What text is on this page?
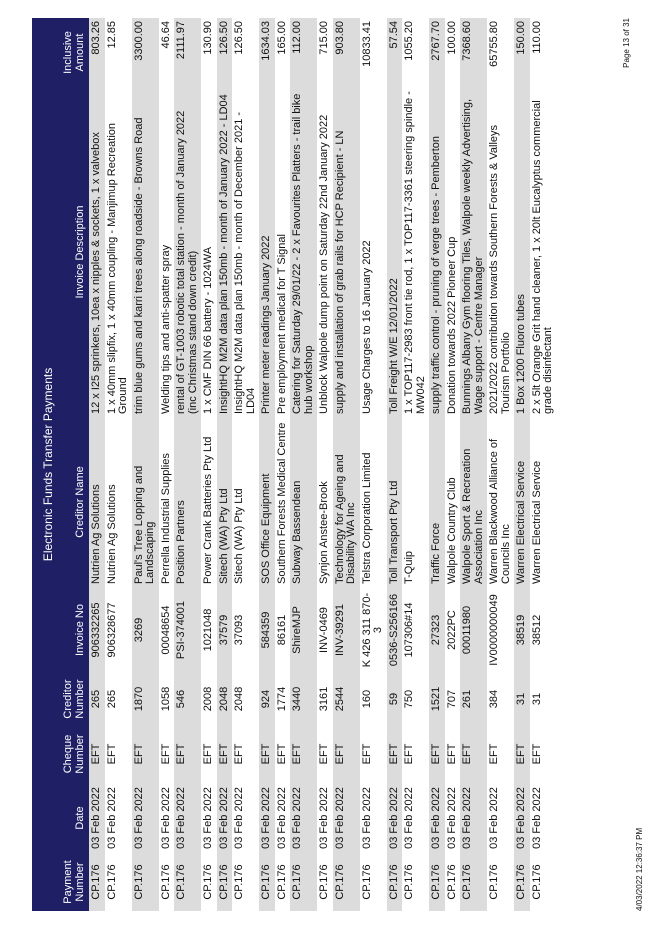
Electronic Funds Transfer Payments							
Payment Number	Date	Cheque Number	Creditor Number	Invoice No	Creditor Name	Invoice Description	Inclusive Amount
CP.176	03 Feb 2022	EFT	265	906332265	Nutrien Ag Solutions	12 x I25 sprinkers, 10ea x nipples & sockets, 1 x valvebox	803.26
CP.176	03 Feb 2022	EFT	265	906328677	Nutrien Ag Solutions	1 x 40mm slipfix, 1 x 40mm coupling - Manjimup Recreation Ground	12.85
CP.176	03 Feb 2022	EFT	1870	3269	Paul's Tree Lopping and Landscaping	trim blue gums and karri trees along roadside - Browns Road	3300.00
CP.176	03 Feb 2022	EFT	1058	00048654	Perrella Industrial Supplies	Welding tips and anti-spatter spray	46.64
CP.176	03 Feb 2022	EFT	546	PSI-374001	Position Partners	rental of GT-1003 robotic total station - month of January 2022 (inc Christmas stand down credit)	2111.97
CP.176	03 Feb 2022	EFT	2008	1021048	Power Crank Batteries Pty Ltd	1 x CMF DIN 66 battery - 1024WA	130.90
CP.176	03 Feb 2022	EFT	2048	37579	Sitech (WA) Pty Ltd	InsightHQ M2M data plan 150mb - month of January 2022 - LD04	126.50
CP.176	03 Feb 2022	EFT	2048	37093	Sitech (WA) Pty Ltd	InsightHQ M2M data plan 150mb - month of December 2021 - LD04	126.50
CP.176	03 Feb 2022	EFT	924	584359	SOS Office Equipment	Printer meter readings January 2022	1634.03
CP.176	03 Feb 2022	EFT	1774	86161	Southern Forests Medical Centre	Pre employment medical for T Signal	165.00
CP.176	03 Feb 2022	EFT	3440	ShireMJP	Subway Bassendean	Catering for Saturday 29/01/22 - 2 x Favourites Platters - trail bike hub workshop	112.00
CP.176	03 Feb 2022	EFT	3161	INV-0469	Synjon Anstee-Brook	Unblock Walpole dump point on Saturday 22nd January 2022	715.00
CP.176	03 Feb 2022	EFT	2544	INV-39291	Technology for Ageing and Disability WA Inc	supply and installation of grab rails for HCP Recipient - LN	903.80
CP.176	03 Feb 2022	EFT	160	K 426 311 870-3	Telstra Corporation Limited	Usage Charges to 16 January 2022	10833.41
CP.176	03 Feb 2022	EFT	59	0536-S256166	Toll Transport Pty Ltd	Toll Freight W/E 12/01/2022	57.54
CP.176	03 Feb 2022	EFT	750	107306#14	T-Quip	1 x TOP117-2983 front tie rod, 1 x TOP117-3361 steering spindle - MW042	1055.20
CP.176	03 Feb 2022	EFT	1521	27323	Traffic Force	supply traffic control - pruning of verge trees - Pemberton	2767.70
CP.176	03 Feb 2022	EFT	707	2022PC	Walpole Country Club	Donation towards 2022 Pioneer Cup	100.00
CP.176	03 Feb 2022	EFT	261	00011980	Walpole Sport & Recreation Association Inc	Bunnings Albany Gym flooring Tiles, Walpole weekly Advertising, Wage support - Centre Manager	7368.60
CP.176	03 Feb 2022	EFT	384	IV0000000049	Warren Blackwood Alliance of Councils Inc	2021/2022 contribution towards Southern Forests & Valleys Tourism Portfolio	65755.80
CP.176	03 Feb 2022	EFT	31	38519	Warren Electrical Service	1 Box 1200 Fluoro tubes	150.00
CP.176	03 Feb 2022	EFT	31	38512	Warren Electrical Service	2 x 5lt Orange Grit hand cleaner, 1 x 20lt Eucalyptus commercial grade disinfectant	110.00
4/03/2022 12:36:37 PM
Page 13 of 31
